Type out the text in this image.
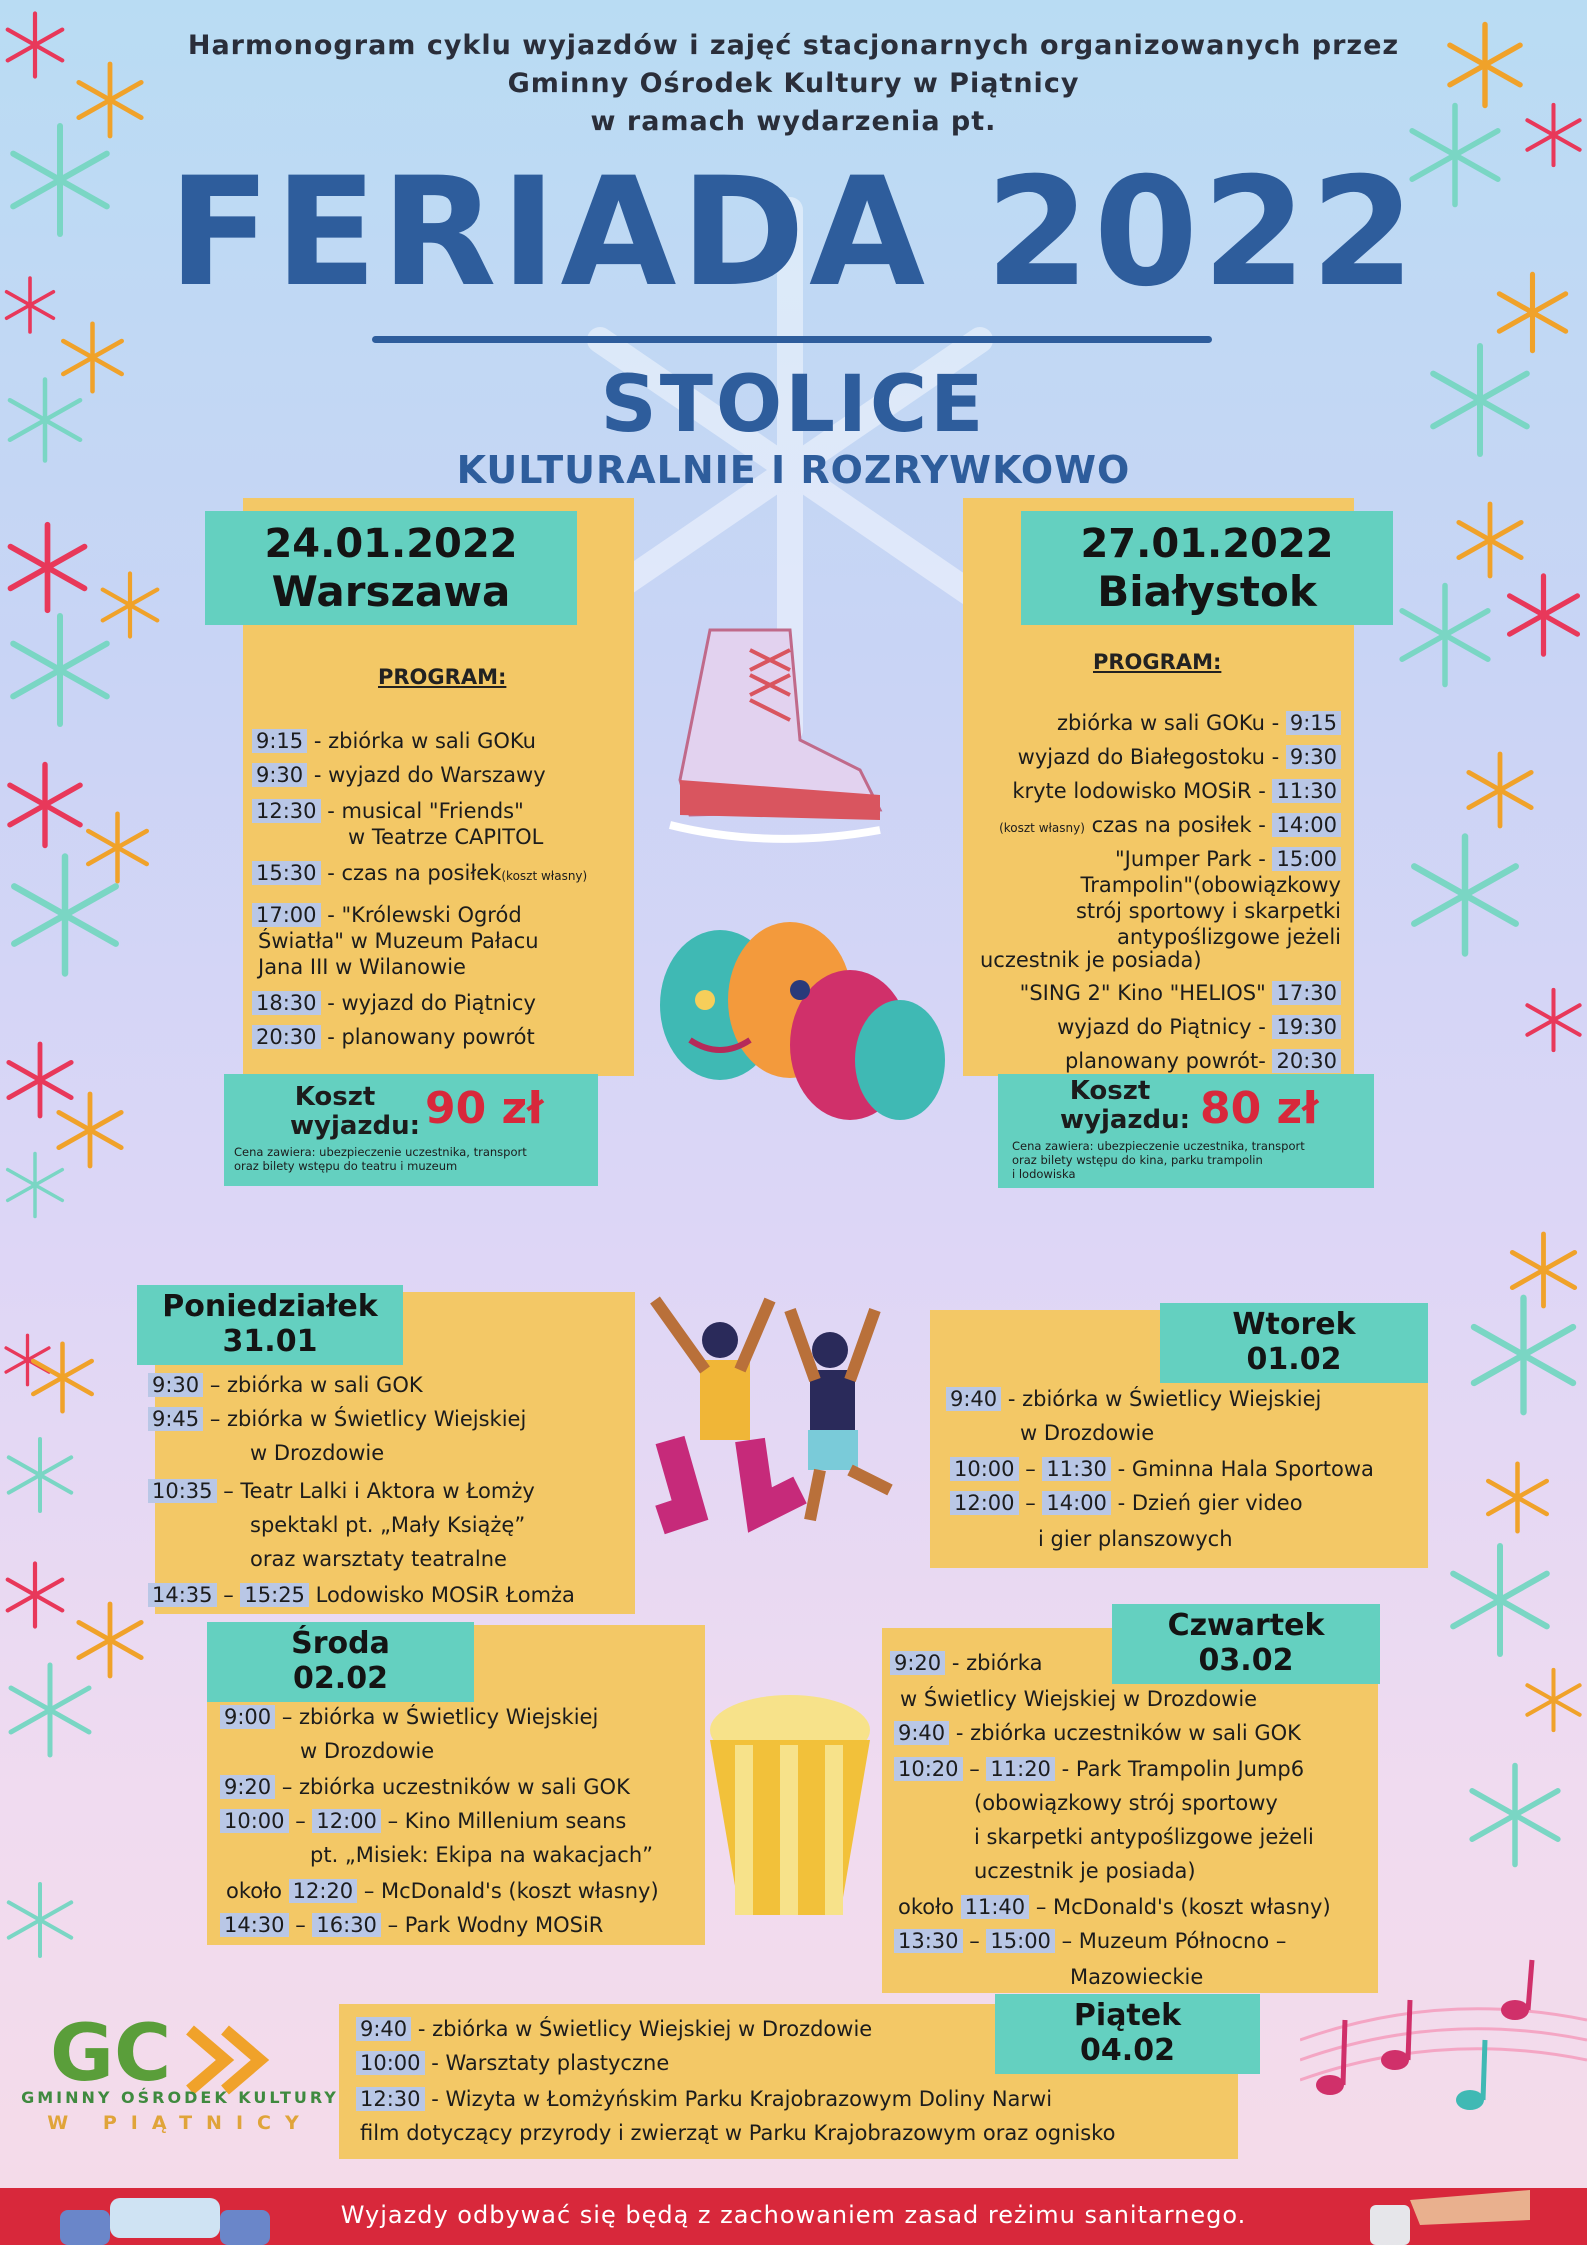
Harmonogram cyklu wyjazdów i zajęć stacjonarnych organizowanych przez
Gminny Ośrodek Kultury w Piątnicy
w ramach wydarzenia pt.
FERIADA 2022
STOLICE
KULTURALNIE I ROZRYWKOWO
24.01.2022
Warszawa
PROGRAM:
9:15 - zbiórka w sali GOKu
9:30 - wyjazd do Warszawy
12:30 - musical "Friends"
w Teatrze CAPITOL
15:30 - czas na posiłek(koszt własny)
17:00 - "Królewski Ogród
Światła" w Muzeum Pałacu
Jana III w Wilanowie
18:30 - wyjazd do Piątnicy
20:30 - planowany powrót
Koszt
wyjazdu: 90 zł
Cena zawiera: ubezpieczenie uczestnika, transport
oraz bilety wstępu do teatru i muzeum
27.01.2022
Białystok
PROGRAM:
zbiórka w sali GOKu - 9:15
wyjazd do Białegostoku - 9:30
kryte lodowisko MOSiR - 11:30
(koszt własny) czas na posiłek - 14:00
"Jumper Park - 15:00
Trampolin"(obowiązkowy
strój sportowy i skarpetki
antypoślizgowe jeżeli
uczestnik je posiada)
"SING 2" Kino "HELIOS" 17:30
wyjazd do Piątnicy - 19:30
planowany powrót- 20:30
Koszt
wyjazdu: 80 zł
Cena zawiera: ubezpieczenie uczestnika, transport
oraz bilety wstępu do kina, parku trampolin
i lodowiska
Poniedziałek
31.01
9:30 – zbiórka w sali GOK
9:45 – zbiórka w Świetlicy Wiejskiej
w Drozdowie
10:35 – Teatr Lalki i Aktora w Łomży
spektakl pt. „Mały Książę”
oraz warsztaty teatralne
14:35 – 15:25 Lodowisko MOSiR Łomża
Wtorek
01.02
9:40 - zbiórka w Świetlicy Wiejskiej
w Drozdowie
10:00 – 11:30 - Gminna Hala Sportowa
12:00 – 14:00 - Dzień gier video
i gier planszowych
Środa
02.02
9:00 – zbiórka w Świetlicy Wiejskiej
w Drozdowie
9:20 – zbiórka uczestników w sali GOK
10:00 – 12:00 – Kino Millenium seans
pt. „Misiek: Ekipa na wakacjach”
około 12:20 – McDonald's (koszt własny)
14:30 – 16:30 – Park Wodny MOSiR
Czwartek
03.02
9:20 - zbiórka
w Świetlicy Wiejskiej w Drozdowie
9:40 - zbiórka uczestników w sali GOK
10:20 – 11:20 - Park Trampolin Jump6
(obowiązkowy strój sportowy
i skarpetki antypoślizgowe jeżeli
uczestnik je posiada)
około 11:40 – McDonald's (koszt własny)
13:30 – 15:00 – Muzeum Północno –
Mazowieckie
Piątek
04.02
9:40 - zbiórka w Świetlicy Wiejskiej w Drozdowie
10:00 - Warsztaty plastyczne
12:30 - Wizyta w Łomżyńskim Parku Krajobrazowym Doliny Narwi
film dotyczący przyrody i zwierząt w Parku Krajobrazowym oraz ognisko
GC
GMINNY OŚRODEK KULTURY
W PIĄTNICY
Wyjazdy odbywać się będą z zachowaniem zasad reżimu sanitarnego.
